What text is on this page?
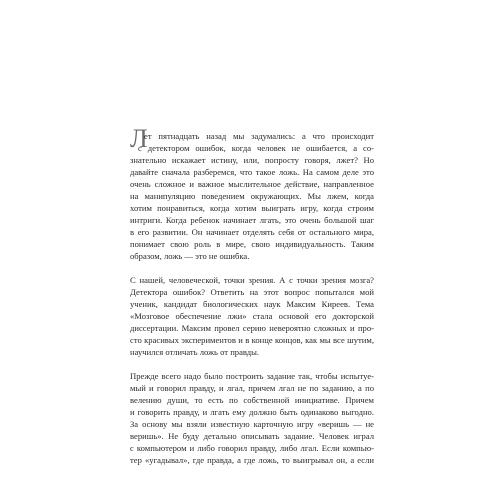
Л
ет пятнадцать назад мы задумались: а что происходит
с детектором ошибок, когда человек не ошибается, а со-
знательно искажает истину, или, попросту говоря, лжет? Но
давайте сначала разберемся, что такое ложь. На самом деле это
очень сложное и важное мыслительное действие, направленное
на манипуляцию поведением окружающих. Мы лжем, когда
хотим понравиться, когда хотим выиграть игру, когда строим
интриги. Когда ребенок начинает лгать, это очень большой шаг
в его развитии. Он начинает отделять себя от остального мира,
понимает свою роль в мире, свою индивидуальность. Таким
образом, ложь — это не ошибка.
С нашей, человеческой, точки зрения. А с точки зрения мозга?
Детектора ошибок? Ответить на этот вопрос попытался мой
ученик, кандидат биологических наук Максим Киреев. Тема
«Мозговое обеспечение лжи» стала основой его докторской
диссертации. Максим провел серию невероятно сложных и про-
сто красивых экспериментов и в конце концов, как мы все шутим,
научился отличать ложь от правды.
Прежде всего надо было построить задание так, чтобы испытуе-
мый и говорил правду, и лгал, причем лгал не по заданию, а по
велению души, то есть по собственной инициативе. Причем
и говорить правду, и лгать ему должно быть одинаково выгодно.
За основу мы взяли известную карточную игру «веришь — не
веришь». Не буду детально описывать задание. Человек играл
с компьютером и либо говорил правду, либо лгал. Если компью-
тер «угадывал», где правда, а где ложь, то выигрывал он, а если
